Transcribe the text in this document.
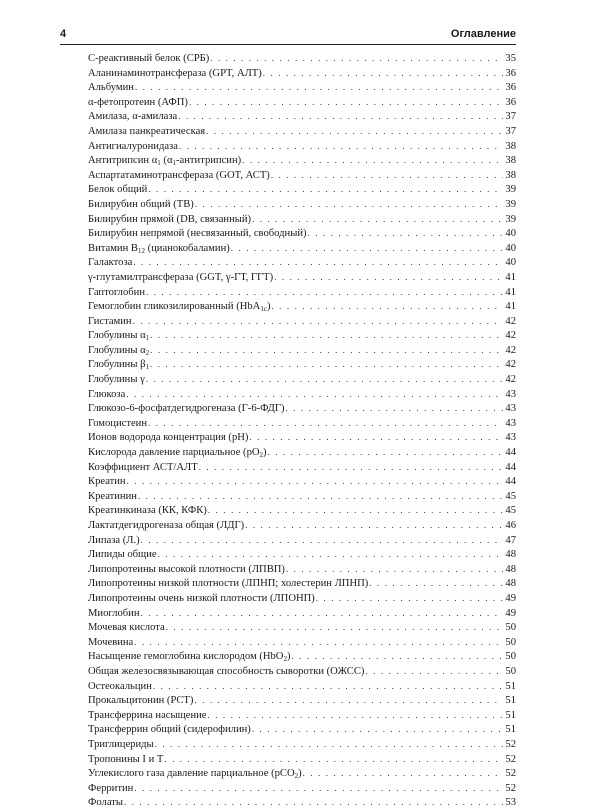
4	Оглавление
С-реактивный белок (СРБ) . . .	35
Аланинаминотрансфераза (GPT, АЛТ) . . .	36
Альбумин . . .	36
α-фетопротеин (АФП) . . .	36
Амилаза, α-амилаза . . .	37
Амилаза панкреатическая . . .	37
Антигиалуронидаза . . .	38
Антитрипсин $\alpha_1$ $(\alpha_1-антитрипсин)$ . . .	38
Аспартатаминотрансфераза (GOT, АСТ) . . .	38
Белок общий . . .	39
Билирубин общий (ТВ) . . .	39
Билирубин прямой (DB, связанный) . . .	39
Билирубин непрямой (несвязанный, свободный) . . .	40
Витамин $B_{12}$ (цианокобаламин) . . .	40
Галактоза . . .	40
γ-глутамилтрансфераза (GGT, γ-ГТ, ГГТ) . . .	41
Гаптоглобин . . .	41
Гемоглобин гликозилированный (HbA$_{1c}$) . . .	41
Гистамин . . .	42
Глобулины $\alpha_1$ . . .	42
Глобулины $\alpha_2$ . . .	42
Глобулины $\beta_1$ . . .	42
Глобулины γ . . .	42
Глюкоза . . .	43
Глюкозо-6-фосфатдегидрогеназа (Г-6-ФДГ) . . .	43
Гомоцистеин . . .	43
Ионов водорода концентрация (pH) . . .	43
Кислорода давление парциальное $(pO_2)$ . . .	44
Коэффициент АСТ/АЛТ . . .	44
Креатин . . .	44
Креатинин . . .	45
Креатинкиназа (КК, КФК) . . .	45
Лактатдегидрогеназа общая (ЛДГ) . . .	46
Липаза (Л.) . . .	47
Липиды общие . . .	48
Липопротеины высокой плотности (ЛПВП) . . .	48
Липопротеины низкой плотности (ЛПНП; холестерин ЛПНП) . . .	48
Липопротеины очень низкой плотности (ЛПОНП) . . .	49
Миоглобин . . .	49
Мочевая кислота . . .	50
Мочевина . . .	50
Насыщение гемоглобина кислородом (HbO$_2$) . . .	50
Общая железосвязывающая способность сыворотки (ОЖСС) . . .	50
Остеокальцин . . .	51
Прокальцитонин (PCT) . . .	51
Трансферрина насыщение . . .	51
Трансферрин общий (сидерофилин) . . .	51
Триглицериды . . .	52
Тропонины I и T . . .	52
Углекислого газа давление парциальное (pCO$_2$) . . .	52
Ферритин . . .	52
Фолаты . . .	53
